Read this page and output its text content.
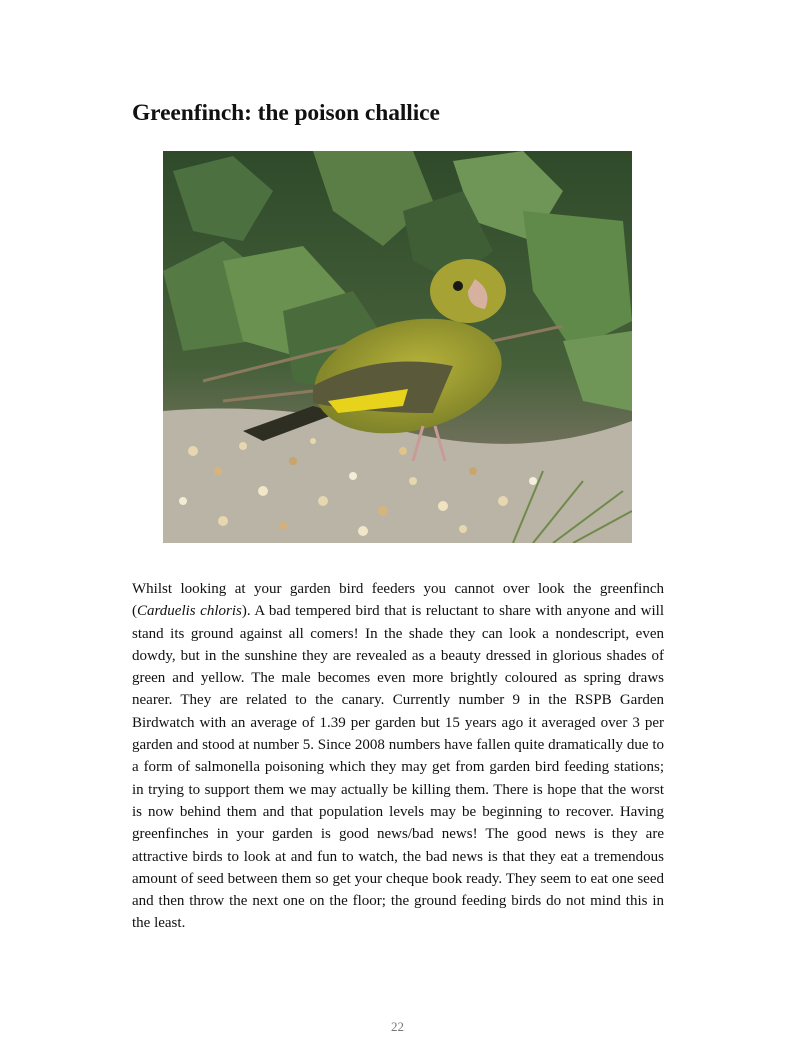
Greenfinch: the poison challice

Whilst looking at your garden bird feeders you cannot over look the greenfinch (Carduelis chloris). A bad tempered bird that is reluctant to share with anyone and will stand its ground against all comers! In the shade they can look a nondescript, even dowdy, but in the sunshine they are revealed as a beauty dressed in glorious shades of green and yellow. The male becomes even more brightly coloured as spring draws nearer. They are related to the canary. Currently number 9 in the RSPB Garden Birdwatch with an average of 1.39 per garden but 15 years ago it averaged over 3 per garden and stood at number 5. Since 2008 numbers have fallen quite dramatically due to a form of salmonella poisoning which they may get from garden bird feeding stations; in trying to support them we may actually be killing them. There is hope that the worst is now behind them and that population levels may be beginning to recover. Having greenfinches in your garden is good news/bad news! The good news is they are attractive birds to look at and fun to watch, the bad news is that they eat a tremendous amount of seed between them so get your cheque book ready. They seem to eat one seed and then throw the next one on the floor; the ground feeding birds do not mind this in the least.

22
